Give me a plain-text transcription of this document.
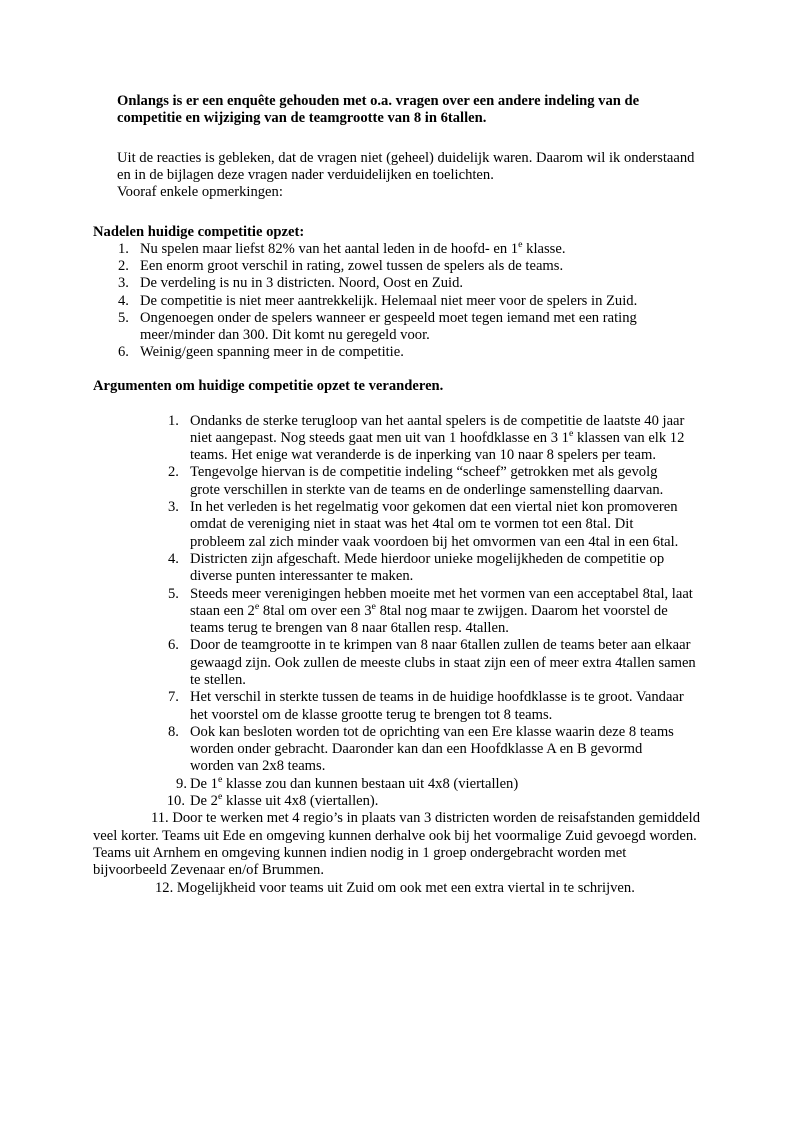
Onlangs is er een enquête gehouden met o.a. vragen over een andere indeling van de competitie en wijziging van de teamgrootte van 8 in 6tallen.

Uit de reacties is gebleken, dat de vragen niet (geheel) duidelijk waren. Daarom wil ik onderstaand en in de bijlagen deze vragen nader verduidelijken en toelichten.

Vooraf enkele opmerkingen:

Nadelen huidige competitie opzet:

Nu spelen maar liefst 82% van het aantal leden in de hoofd- en 1e klasse.
Een enorm groot verschil in rating, zowel tussen de spelers als de teams.
De verdeling is nu in 3 districten. Noord, Oost en Zuid.
De competitie is niet meer aantrekkelijk. Helemaal niet meer voor de spelers in Zuid.
Ongenoegen onder de spelers wanneer er gespeeld moet tegen iemand met een rating meer/minder dan 300. Dit komt nu geregeld voor.
Weinig/geen spanning meer in de competitie.

Argumenten om huidige competitie opzet te veranderen.

Ondanks de sterke terugloop van het aantal spelers is de competitie de laatste 40 jaar niet aangepast. Nog steeds gaat men uit van 1 hoofdklasse en 3 1e klassen van elk 12 teams. Het enige wat veranderde is de inperking van 10 naar 8 spelers per team.
Tengevolge hiervan is de competitie indeling “scheef” getrokken met als gevolg grote verschillen in sterkte van de teams en de onderlinge samenstelling daarvan.
In het verleden is het regelmatig voor gekomen dat een viertal niet kon promoveren omdat de vereniging niet in staat was het 4tal om te vormen tot een 8tal. Dit probleem zal zich minder vaak voordoen bij het omvormen van een 4tal in een 6tal.
Districten zijn afgeschaft. Mede hierdoor unieke mogelijkheden de competitie op diverse punten interessanter te maken.
Steeds meer verenigingen hebben moeite met het vormen van een acceptabel 8tal, laat staan een 2e 8tal om over een 3e 8tal nog maar te zwijgen. Daarom het voorstel de teams terug te brengen van 8 naar 6tallen resp. 4tallen.
Door de teamgrootte in te krimpen van 8 naar 6tallen zullen de teams beter aan elkaar gewaagd zijn. Ook zullen de meeste clubs in staat zijn een of meer extra 4tallen samen te stellen.
Het verschil in sterkte tussen de teams in de huidige hoofdklasse is te groot. Vandaar het voorstel om de klasse grootte terug te brengen tot 8 teams.
Ook kan besloten worden tot de oprichting van een Ere klasse waarin deze 8 teams worden onder gebracht. Daaronder kan dan een Hoofdklasse A en B gevormd worden van 2x8 teams.
9. De 1e klasse zou dan kunnen bestaan uit 4x8 (viertallen)
10. De 2e klasse uit 4x8 (viertallen).

11. Door te werken met 4 regio’s in plaats van 3 districten worden de reisafstanden gemiddeld veel korter. Teams uit Ede en omgeving kunnen derhalve ook bij het voormalige Zuid gevoegd worden. Teams uit Arnhem en omgeving kunnen indien nodig in 1 groep ondergebracht worden met bijvoorbeeld Zevenaar en/of Brummen.

12. Mogelijkheid voor teams uit Zuid om ook met een extra viertal in te schrijven.
